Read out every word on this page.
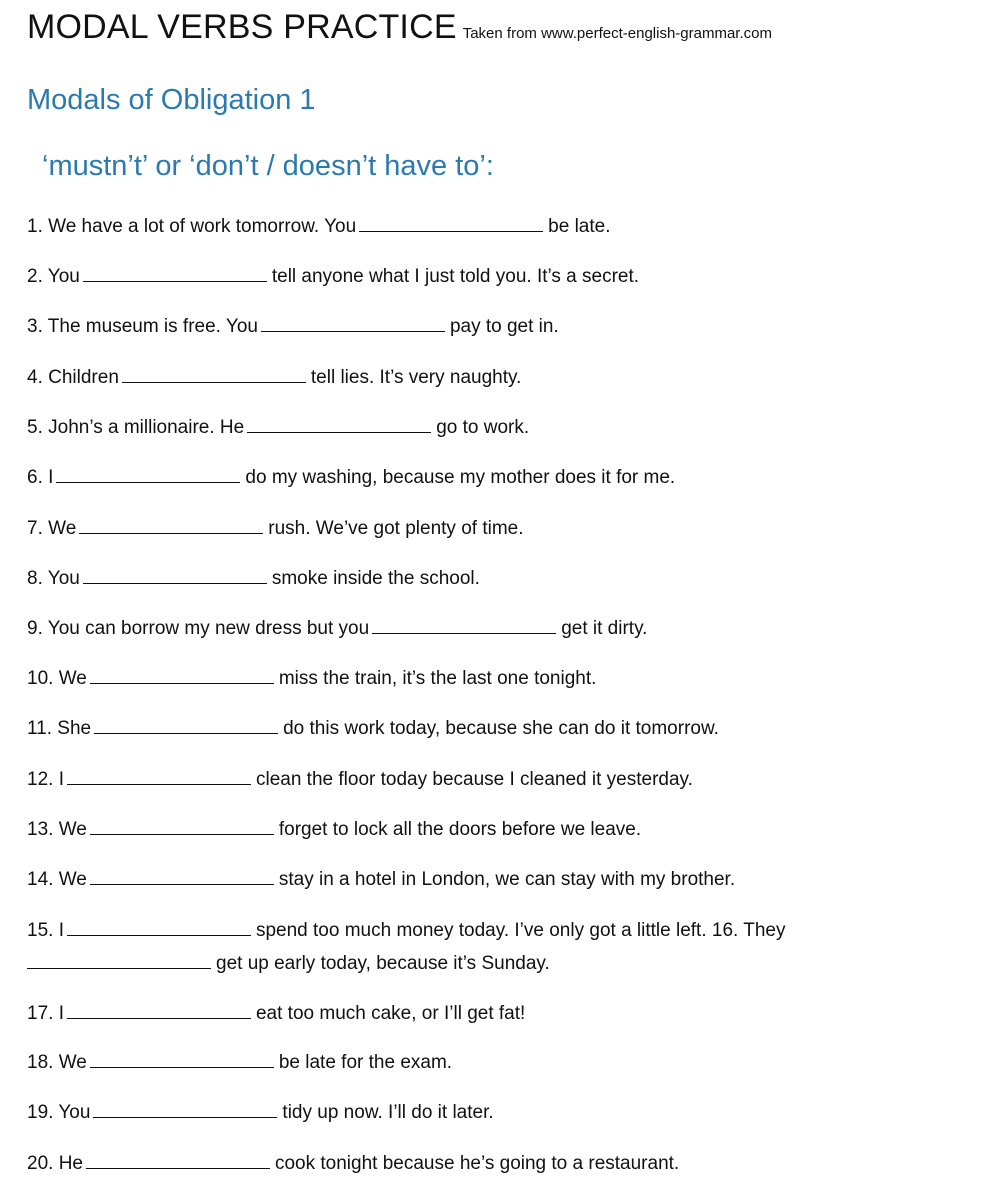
MODAL VERBS PRACTICE Taken from www.perfect-english-grammar.com
Modals of Obligation 1
‘mustn’t’ or ‘don’t / doesn’t have to’:
1. We have a lot of work tomorrow. You	be late.
2. You	tell anyone what I just told you. It’s a secret.
3. The museum is free. You	pay to get in.
4. Children	tell lies. It’s very naughty.
5. John’s a millionaire. He	go to work.
6. I	do my washing, because my mother does it for me.
7. We	rush. We’ve got plenty of time.
8. You	smoke inside the school.
9. You can borrow my new dress but you	get it dirty.
10. We	miss the train, it’s the last one tonight.
11. She	do this work today, because she can do it tomorrow.
12. I	clean the floor today because I cleaned it yesterday.
13. We	forget to lock all the doors before we leave.
14. We	stay in a hotel in London, we can stay with my brother.
15. I	spend too much money today. I’ve only got a little left. 16. They
get up early today, because it’s Sunday.
17. I	eat too much cake, or I’ll get fat!
18. We	be late for the exam.
19. You	tidy up now. I’ll do it later.
20. He	cook tonight because he’s going to a restaurant.
